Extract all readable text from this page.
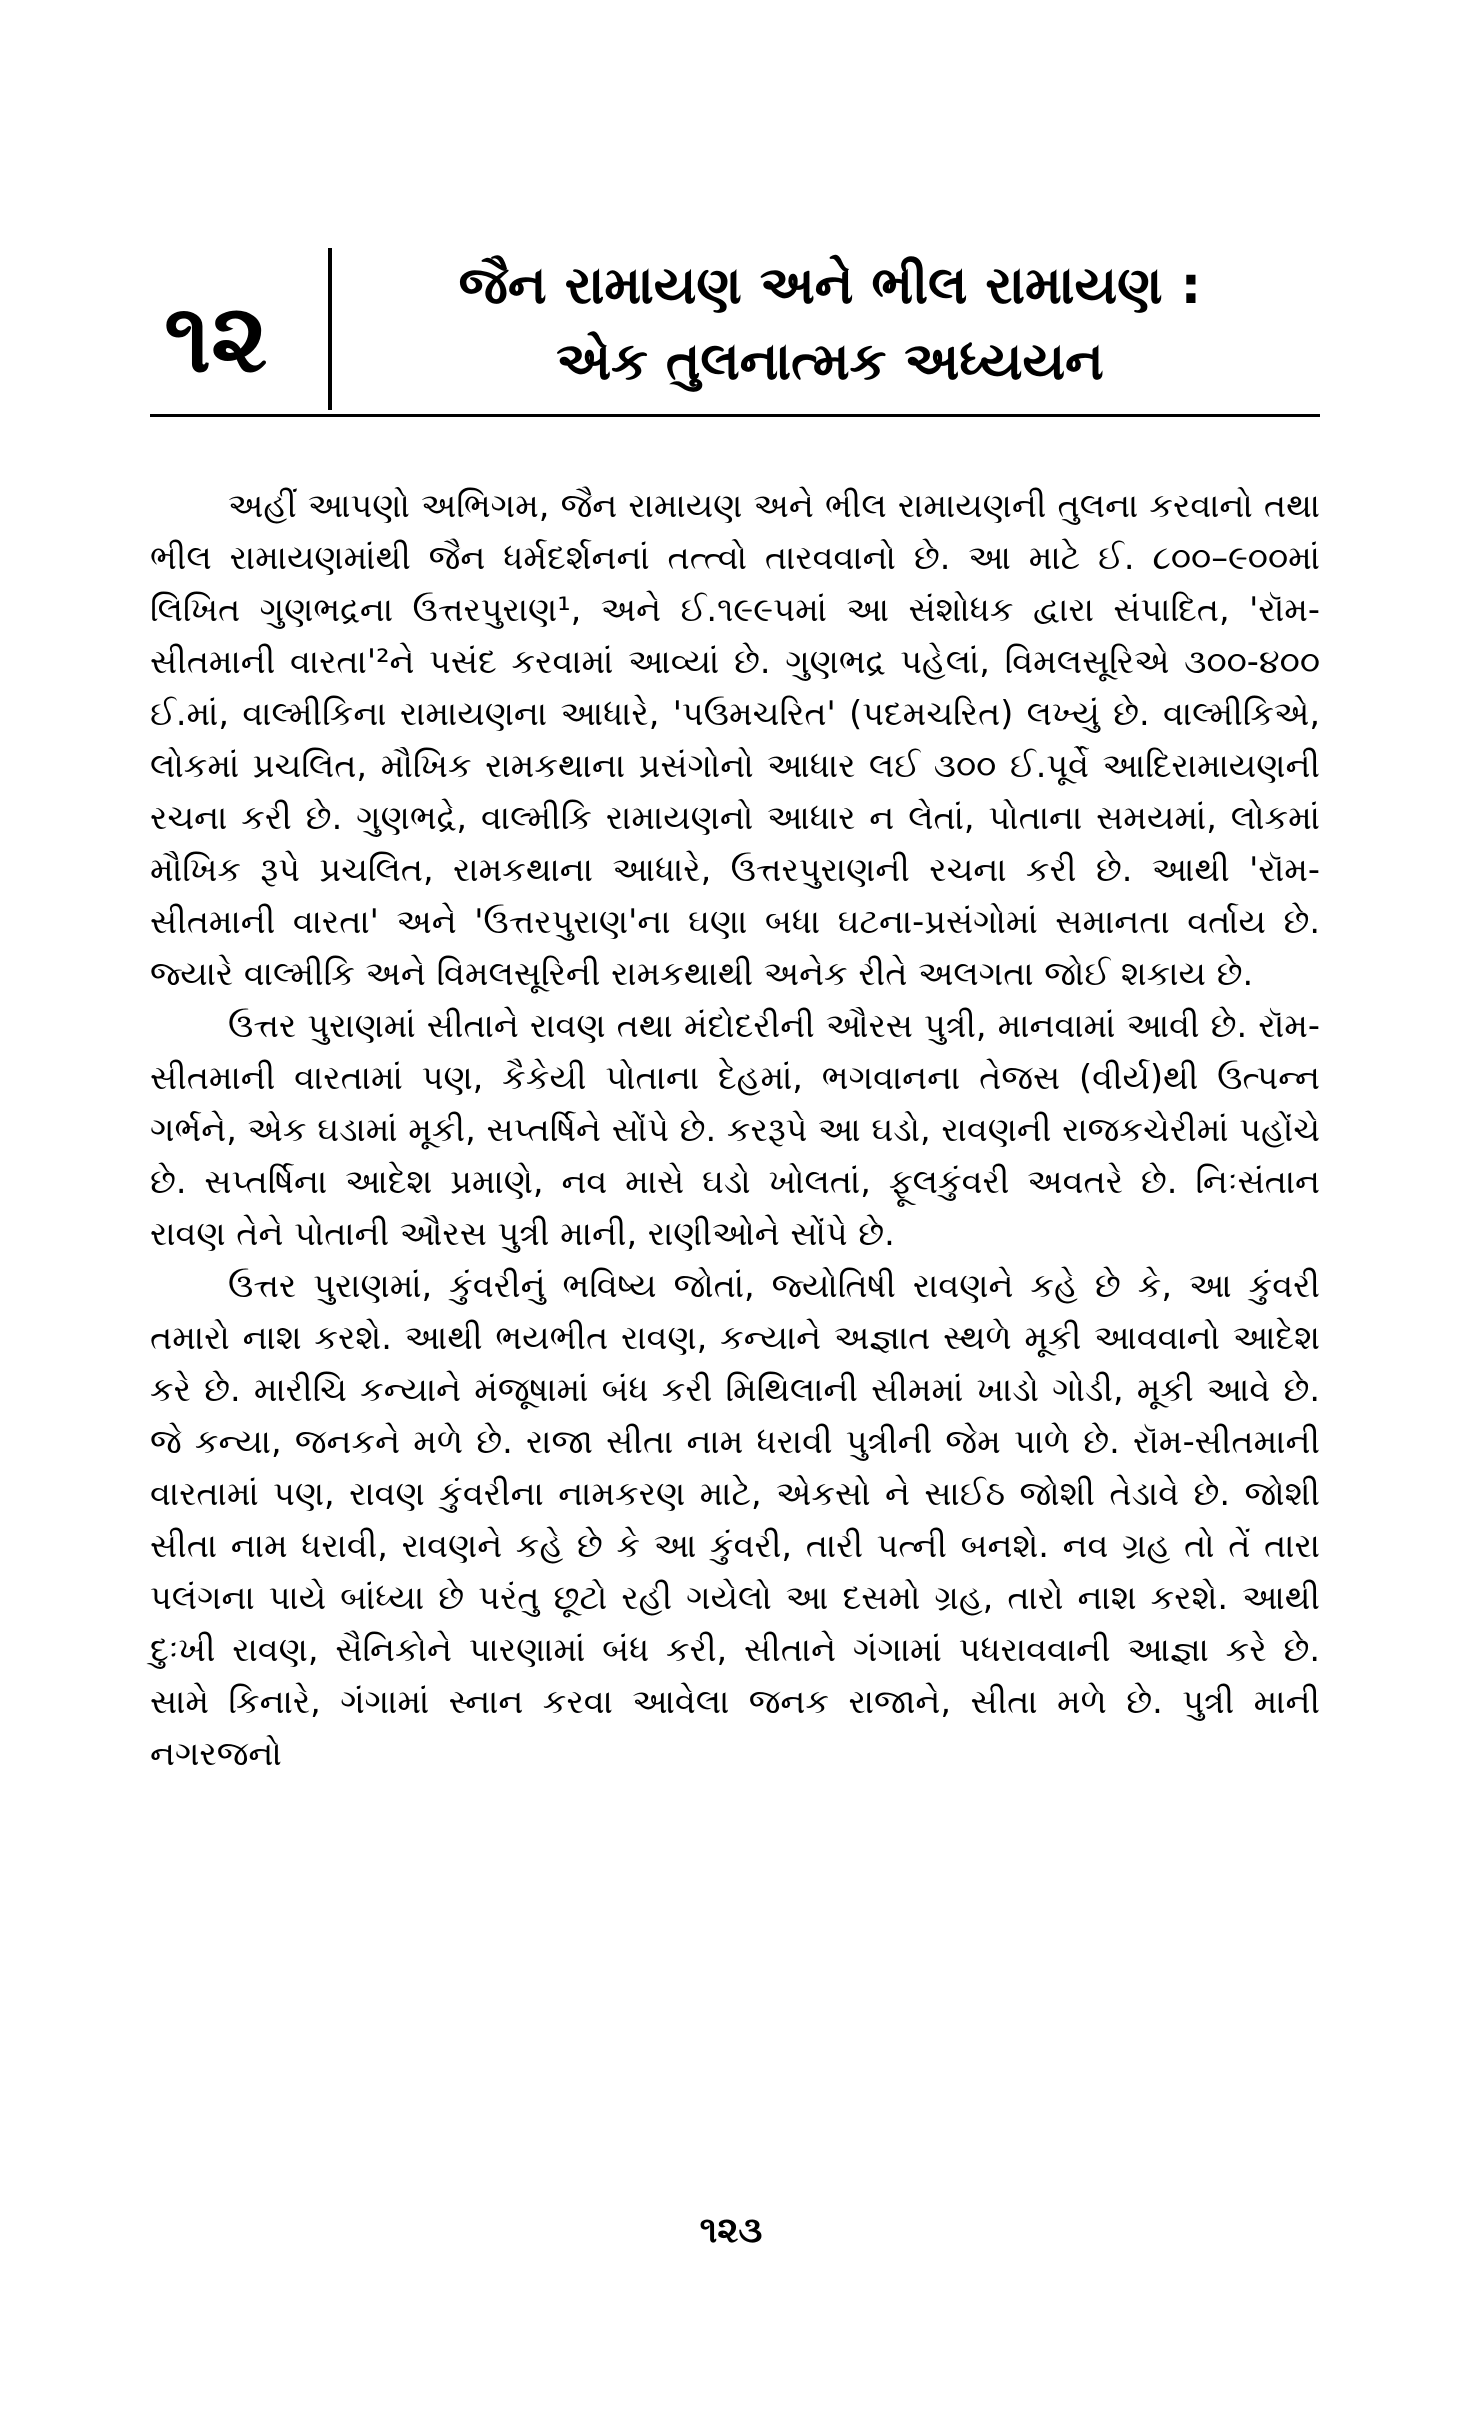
૧૨	જૈન રામાયણ અને ભીલ રામાયણ :
એક તુલનાત્મક અધ્યયન

અહીં આપણો અભિગમ, જૈન રામાયણ અને ભીલ રામાયણની તુલના કરવાનો તથા ભીલ રામાયણમાંથી જૈન ધર્મદર્શનનાં તત્ત્વો તારવવાનો છે. આ માટે ઈ. ૮૦૦–૯૦૦માં લિખિત ગુણભદ્રના ઉત્તરપુરાણ¹, અને ઈ.૧૯૯૫માં આ સંશોધક દ્વારા સંપાદિત, 'રૉમ-સીતમાની વારતા'²ને પસંદ કરવામાં આવ્યાં છે. ગુણભદ્ર પહેલાં, વિમલસૂરિએ ૩૦૦-૪૦૦ ઈ.માં, વાલ્મીકિના રામાયણના આધારે, 'પઉમચરિત' (પદમચરિત) લખ્યું છે. વાલ્મીકિએ, લોકમાં પ્રચલિત, મૌખિક રામકથાના પ્રસંગોનો આધાર લઈ ૩૦૦ ઈ.પૂર્વે આદિરામાયણની રચના કરી છે. ગુણભદ્રે, વાલ્મીકિ રામાયણનો આધાર ન લેતાં, પોતાના સમયમાં, લોકમાં મૌખિક રૂપે પ્રચલિત, રામકથાના આધારે, ઉત્તરપુરાણની રચના કરી છે. આથી 'રૉમ-સીતમાની વારતા' અને 'ઉત્તરપુરાણ'ના ઘણા બધા ઘટના-પ્રસંગોમાં સમાનતા વર્તાય છે. જ્યારે વાલ્મીકિ અને વિમલસૂરિની રામકથાથી અનેક રીતે અલગતા જોઈ શકાય છે.

ઉત્તર પુરાણમાં સીતાને રાવણ તથા મંદોદરીની ઔરસ પુત્રી, માનવામાં આવી છે. રૉમ-સીતમાની વારતામાં પણ, કૈકેયી પોતાના દેહમાં, ભગવાનના તેજસ (વીર્ય)થી ઉત્પન્ન ગર્ભને, એક ઘડામાં મૂકી, સપ્તર્ષિને સોંપે છે. કરરૂપે આ ઘડો, રાવણની રાજકચેરીમાં પહોંચે છે. સપ્તર્ષિના આદેશ પ્રમાણે, નવ માસે ઘડો ખોલતાં, ફૂલકુંવરી અવતરે છે. નિઃસંતાન રાવણ તેને પોતાની ઔરસ પુત્રી માની, રાણીઓને સોંપે છે.

ઉત્તર પુરાણમાં, કુંવરીનું ભવિષ્ય જોતાં, જ્યોતિષી રાવણને કહે છે કે, આ કુંવરી તમારો નાશ કરશે. આથી ભયભીત રાવણ, કન્યાને અજ્ઞાત સ્થળે મૂકી આવવાનો આદેશ કરે છે. મારીચિ કન્યાને મંજૂષામાં બંધ કરી મિથિલાની સીમમાં ખાડો ગોડી, મૂકી આવે છે. જે કન્યા, જનકને મળે છે. રાજા સીતા નામ ધરાવી પુત્રીની જેમ પાળે છે. રૉમ-સીતમાની વારતામાં પણ, રાવણ કુંવરીના નામકરણ માટે, એકસો ને સાઈઠ જોશી તેડાવે છે. જોશી સીતા નામ ધરાવી, રાવણને કહે છે કે આ કુંવરી, તારી પત્ની બનશે. નવ ગ્રહ તો તેં તારા પલંગના પાયે બાંધ્યા છે પરંતુ છૂટો રહી ગયેલો આ દસમો ગ્રહ, તારો નાશ કરશે. આથી દુઃખી રાવણ, સૈનિકોને પારણામાં બંધ કરી, સીતાને ગંગામાં પધરાવવાની આજ્ઞા કરે છે. સામે કિનારે, ગંગામાં સ્નાન કરવા આવેલા જનક રાજાને, સીતા મળે છે. પુત્રી માની નગરજનો

૧૨૩
